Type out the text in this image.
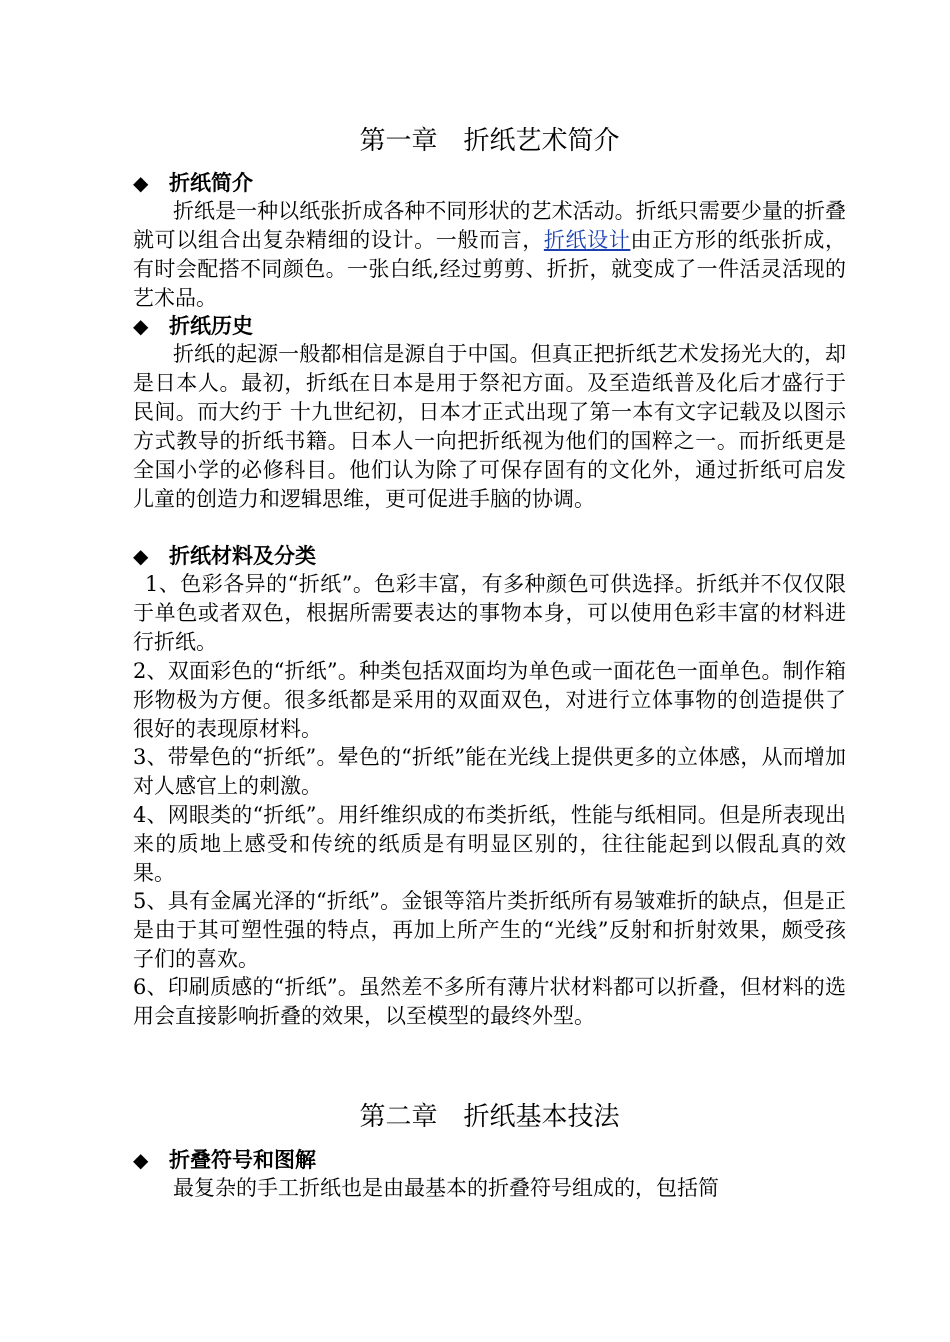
第一章　折纸艺术简介
◆ 折纸简介

折纸是一种以纸张折成各种不同形状的艺术活动。折纸只需要少量的折叠就可以组合出复杂精细的设计。一般而言，折纸设计由正方形的纸张折成，有时会配搭不同颜色。一张白纸,经过剪剪、折折，就变成了一件活灵活现的艺术品。

◆ 折纸历史

折纸的起源一般都相信是源自于中国。但真正把折纸艺术发扬光大的，却是日本人。最初，折纸在日本是用于祭祀方面。及至造纸普及化后才盛行于民间。而大约于 十九世纪初，日本才正式出现了第一本有文字记载及以图示方式教导的折纸书籍。日本人一向把折纸视为他们的国粹之一。而折纸更是全国小学的必修科目。他们认为除了可保存固有的文化外，通过折纸可启发儿童的创造力和逻辑思维，更可促进手脑的协调。

◆ 折纸材料及分类

1、色彩各异的“折纸”。色彩丰富，有多种颜色可供选择。折纸并不仅仅限于单色或者双色，根据所需要表达的事物本身，可以使用色彩丰富的材料进行折纸。

2、双面彩色的“折纸”。种类包括双面均为单色或一面花色一面单色。制作箱形物极为方便。很多纸都是采用的双面双色，对进行立体事物的创造提供了很好的表现原材料。

3、带晕色的“折纸”。晕色的“折纸”能在光线上提供更多的立体感，从而增加对人感官上的刺激。

4、网眼类的“折纸”。用纤维织成的布类折纸，性能与纸相同。但是所表现出来的质地上感受和传统的纸质是有明显区别的，往往能起到以假乱真的效果。

5、具有金属光泽的“折纸”。金银等箔片类折纸所有易皱难折的缺点，但是正是由于其可塑性强的特点，再加上所产生的“光线”反射和折射效果，颇受孩子们的喜欢。

6、印刷质感的“折纸”。虽然差不多所有薄片状材料都可以折叠，但材料的选用会直接影响折叠的效果，以至模型的最终外型。

第二章　折纸基本技法
◆ 折叠符号和图解

最复杂的手工折纸也是由最基本的折叠符号组成的，包括简
